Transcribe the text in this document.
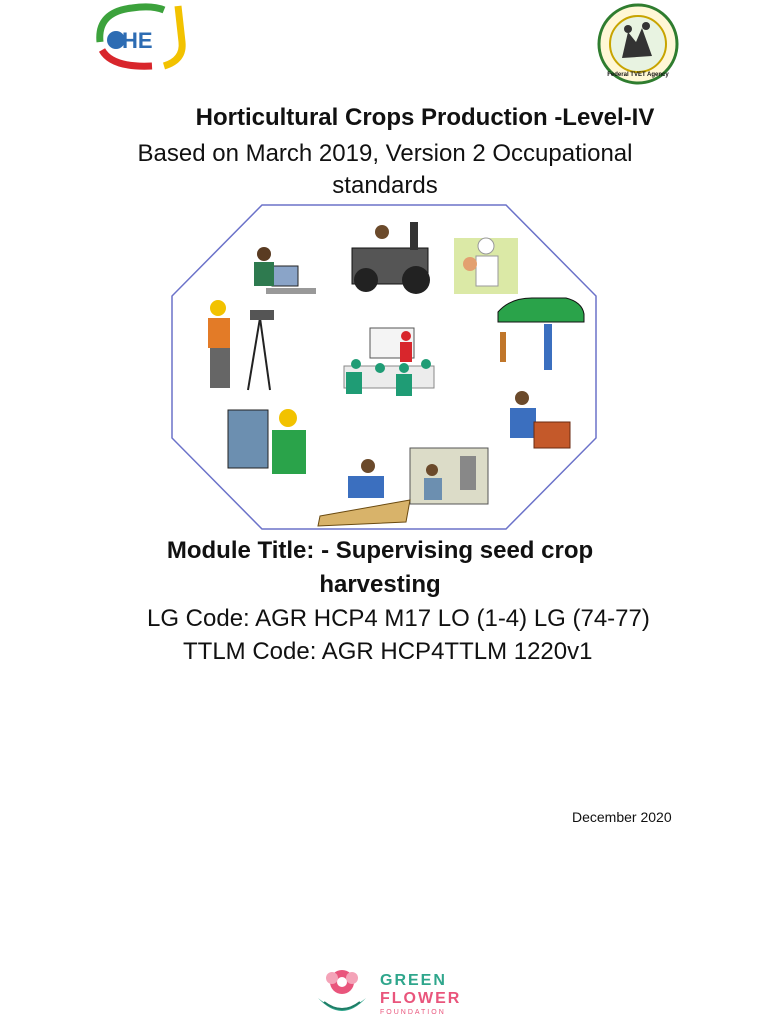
HE
Federal TVET Agency
Horticultural Crops Production -Level-IV
Based on March 2019, Version 2 Occupational standards
Module Title: - Supervising seed crop harvesting
LG Code: AGR HCP4 M17 LO (1-4) LG (74-77)
TTLM Code: AGR HCP4TTLM 1220v1
December 2020
GREEN
FLOWER
FOUNDATION
